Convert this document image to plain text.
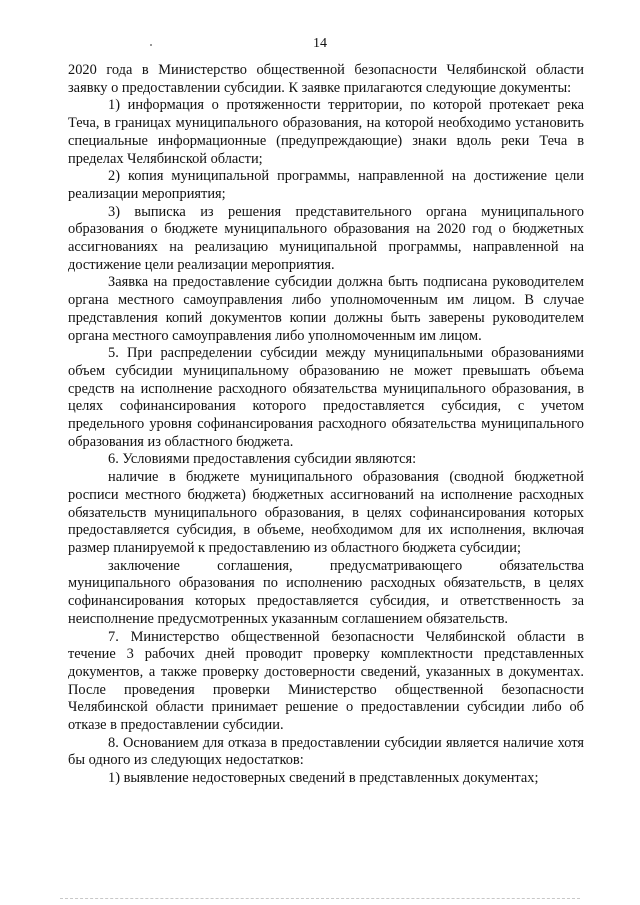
14

2020 года в Министерство общественной безопасности Челябинской области заявку о предоставлении субсидии. К заявке прилагаются следующие документы:

1) информация о протяженности территории, по которой протекает река Теча, в границах муниципального образования, на которой необходимо установить специальные информационные (предупреждающие) знаки вдоль реки Теча в пределах Челябинской области;

2) копия муниципальной программы, направленной на достижение цели реализации мероприятия;

3) выписка из решения представительного органа муниципального образования о бюджете муниципального образования на 2020 год о бюджетных ассигнованиях на реализацию муниципальной программы, направленной на достижение цели реализации мероприятия.

Заявка на предоставление субсидии должна быть подписана руководителем органа местного самоуправления либо уполномоченным им лицом. В случае представления копий документов копии должны быть заверены руководителем органа местного самоуправления либо уполномоченным им лицом.

5. При распределении субсидии между муниципальными образованиями объем субсидии муниципальному образованию не может превышать объема средств на исполнение расходного обязательства муниципального образования, в целях софинансирования которого предоставляется субсидия, с учетом предельного уровня софинансирования расходного обязательства муниципального образования из областного бюджета.

6. Условиями предоставления субсидии являются:

наличие в бюджете муниципального образования (сводной бюджетной росписи местного бюджета) бюджетных ассигнований на исполнение расходных обязательств муниципального образования, в целях софинансирования которых предоставляется субсидия, в объеме, необходимом для их исполнения, включая размер планируемой к предоставлению из областного бюджета субсидии;

заключение соглашения, предусматривающего обязательства муниципального образования по исполнению расходных обязательств, в целях софинансирования которых предоставляется субсидия, и ответственность за неисполнение предусмотренных указанным соглашением обязательств.

7. Министерство общественной безопасности Челябинской области в течение 3 рабочих дней проводит проверку комплектности представленных документов, а также проверку достоверности сведений, указанных в документах. После проведения проверки Министерство общественной безопасности Челябинской области принимает решение о предоставлении субсидии либо об отказе в предоставлении субсидии.

8. Основанием для отказа в предоставлении субсидии является наличие хотя бы одного из следующих недостатков:

1) выявление недостоверных сведений в представленных документах;
